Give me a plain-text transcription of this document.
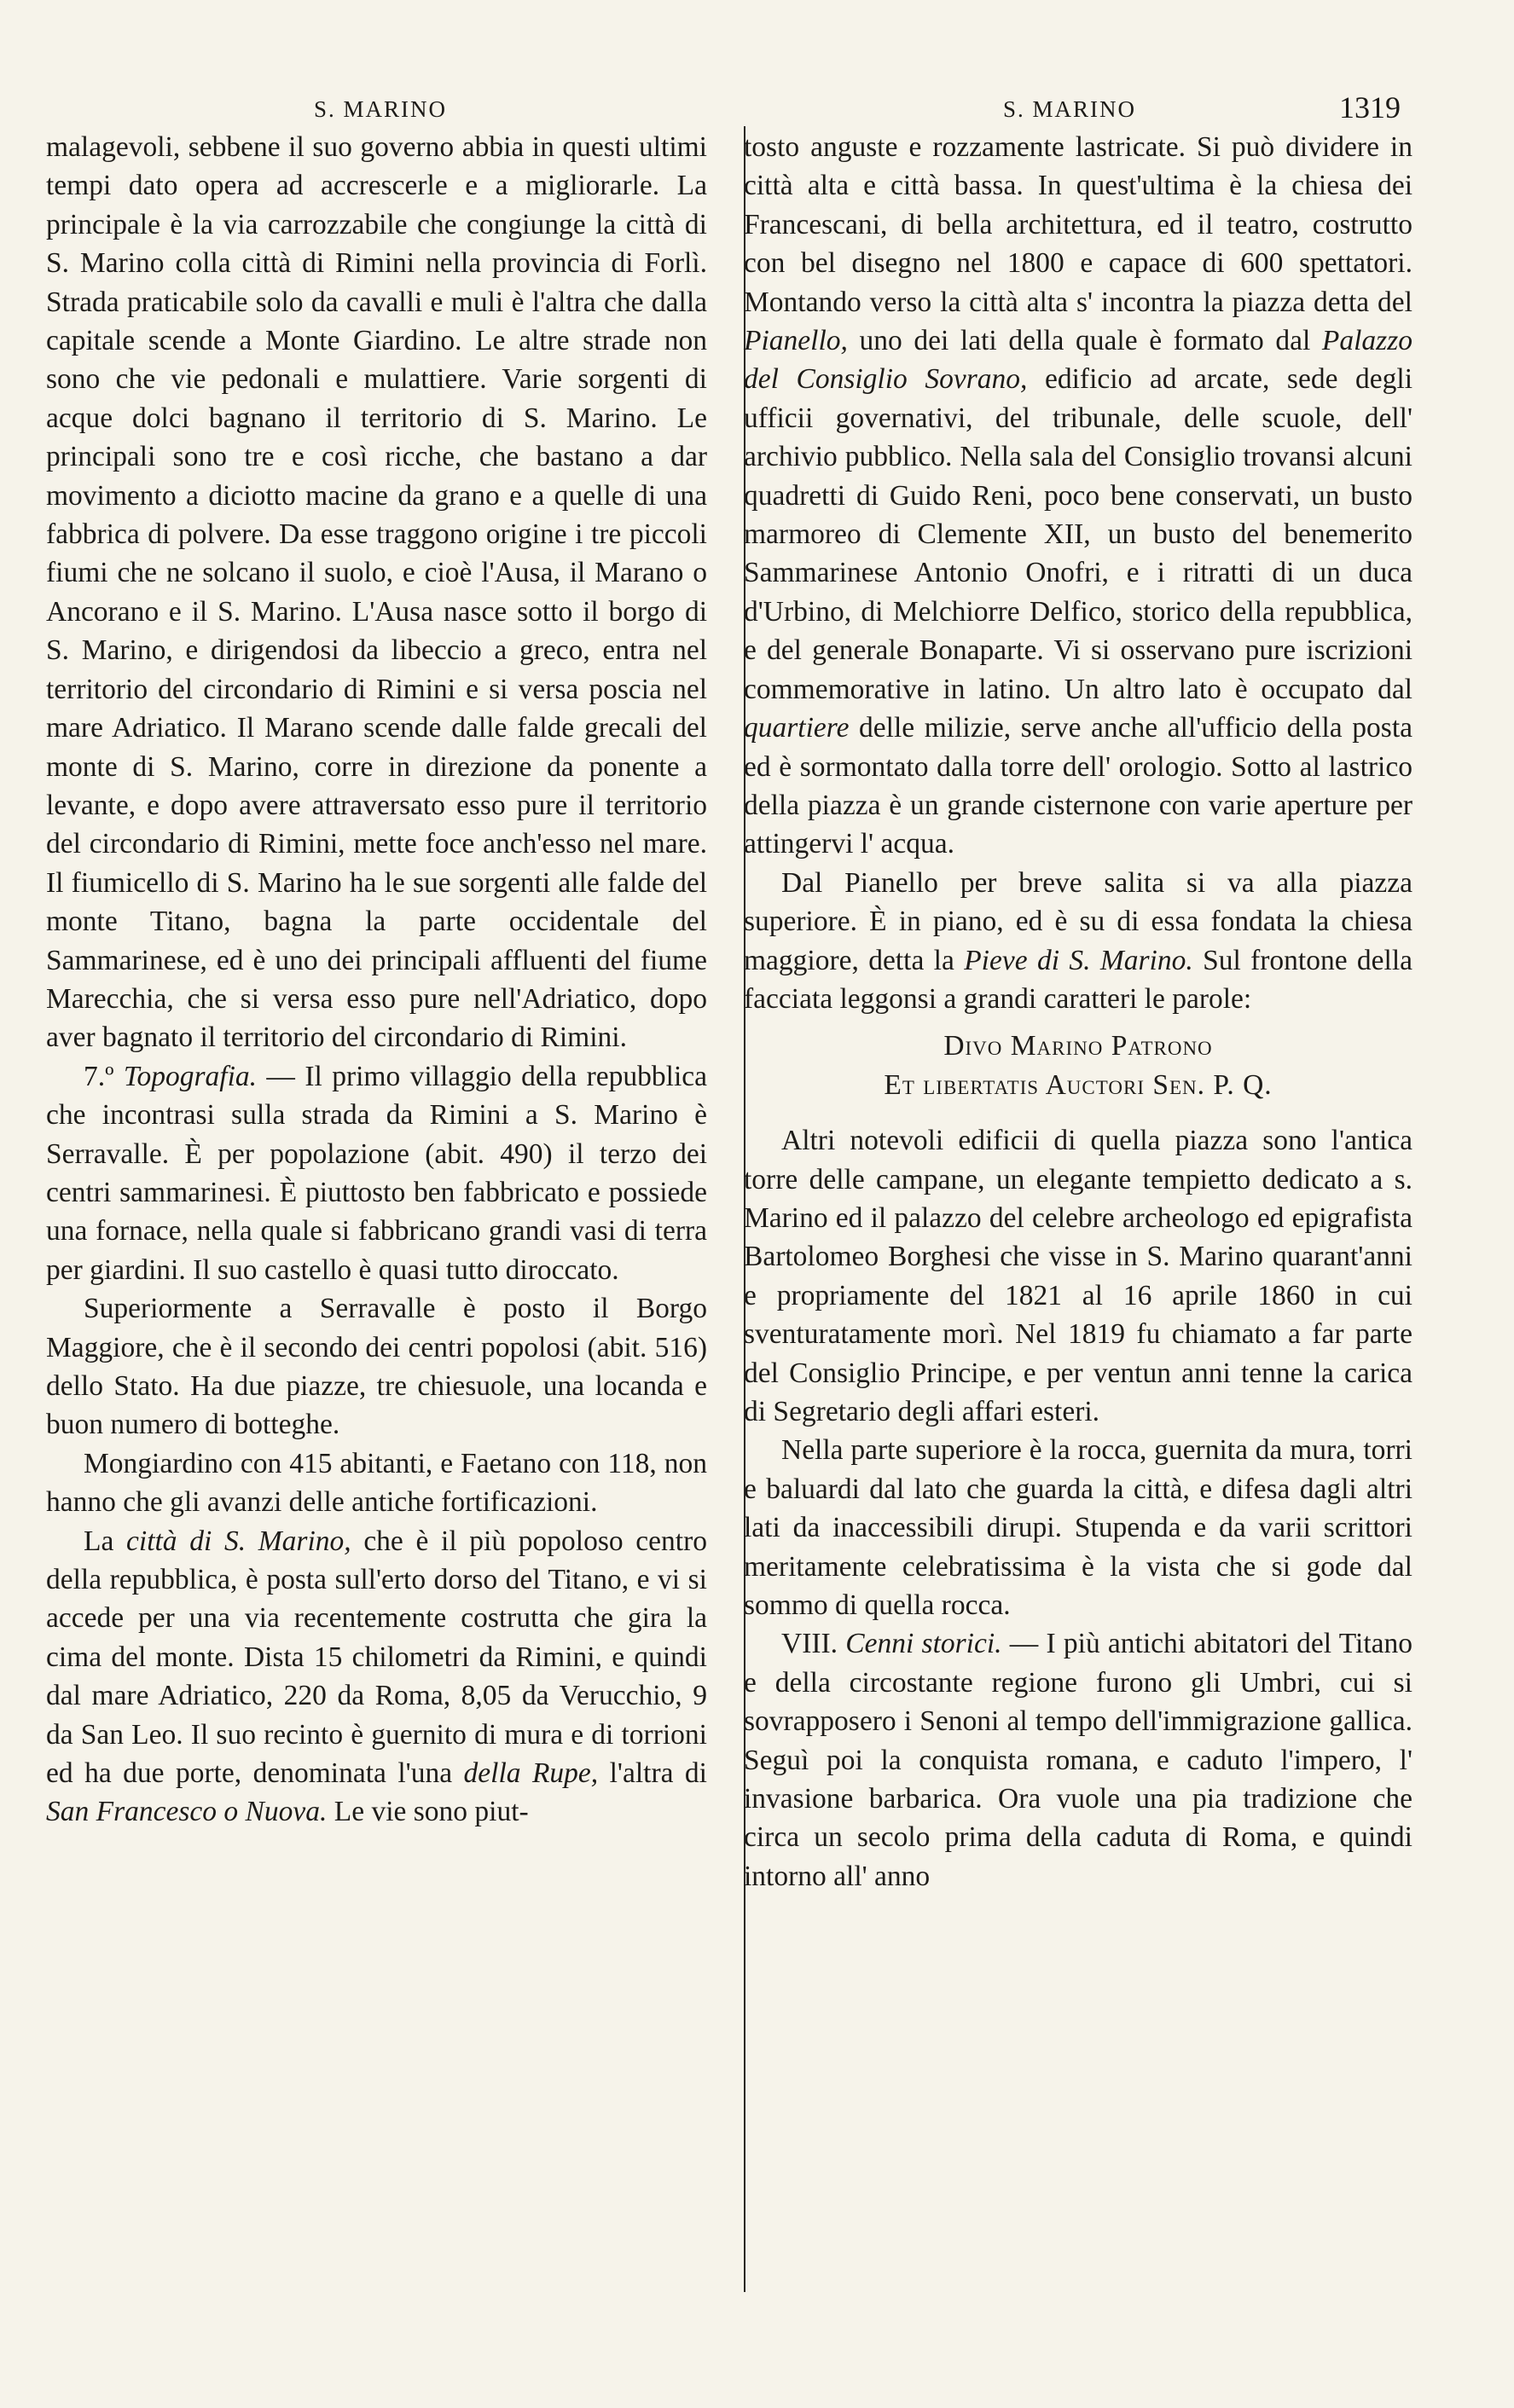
S. MARINO	S. MARINO	1319

malagevoli, sebbene il suo governo abbia in questi ultimi tempi dato opera ad accrescerle e a migliorarle. La principale è la via carrozzabile che congiunge la città di S. Marino colla città di Rimini nella provincia di Forlì. Strada praticabile solo da cavalli e muli è l'altra che dalla capitale scende a Monte Giardino. Le altre strade non sono che vie pedonali e mulattiere. Varie sorgenti di acque dolci bagnano il territorio di S. Marino. Le principali sono tre e così ricche, che bastano a dar movimento a diciotto macine da grano e a quelle di una fabbrica di polvere. Da esse traggono origine i tre piccoli fiumi che ne solcano il suolo, e cioè l'Ausa, il Marano o Ancorano e il S. Marino. L'Ausa nasce sotto il borgo di S. Marino, e dirigendosi da libeccio a greco, entra nel territorio del circondario di Rimini e si versa poscia nel mare Adriatico. Il Marano scende dalle falde grecali del monte di S. Marino, corre in direzione da ponente a levante, e dopo avere attraversato esso pure il territorio del circondario di Rimini, mette foce anch'esso nel mare. Il fiumicello di S. Marino ha le sue sorgenti alle falde del monte Titano, bagna la parte occidentale del Sammarinese, ed è uno dei principali affluenti del fiume Marecchia, che si versa esso pure nell'Adriatico, dopo aver bagnato il territorio del circondario di Rimini.

7.º Topografia. — Il primo villaggio della repubblica che incontrasi sulla strada da Rimini a S. Marino è Serravalle. È per popolazione (abit. 490) il terzo dei centri sammarinesi. È piuttosto ben fabbricato e possiede una fornace, nella quale si fabbricano grandi vasi di terra per giardini. Il suo castello è quasi tutto diroccato.

Superiormente a Serravalle è posto il Borgo Maggiore, che è il secondo dei centri popolosi (abit. 516) dello Stato. Ha due piazze, tre chiesuole, una locanda e buon numero di botteghe.

Mongiardino con 415 abitanti, e Faetano con 118, non hanno che gli avanzi delle antiche fortificazioni.

La città di S. Marino, che è il più popoloso centro della repubblica, è posta sull'erto dorso del Titano, e vi si accede per una via recentemente costrutta che gira la cima del monte. Dista 15 chilometri da Rimini, e quindi dal mare Adriatico, 220 da Roma, 8,05 da Verucchio, 9 da San Leo. Il suo recinto è guernito di mura e di torrioni ed ha due porte, denominata l'una della Rupe, l'altra di San Francesco o Nuova. Le vie sono piut-

tosto anguste e rozzamente lastricate. Si può dividere in città alta e città bassa. In quest'ultima è la chiesa dei Francescani, di bella architettura, ed il teatro, costrutto con bel disegno nel 1800 e capace di 600 spettatori. Montando verso la città alta s' incontra la piazza detta del Pianello, uno dei lati della quale è formato dal Palazzo del Consiglio Sovrano, edificio ad arcate, sede degli ufficii governativi, del tribunale, delle scuole, dell' archivio pubblico. Nella sala del Consiglio trovansi alcuni quadretti di Guido Reni, poco bene conservati, un busto marmoreo di Clemente XII, un busto del benemerito Sammarinese Antonio Onofri, e i ritratti di un duca d'Urbino, di Melchiorre Delfico, storico della repubblica, e del generale Bonaparte. Vi si osservano pure iscrizioni commemorative in latino. Un altro lato è occupato dal quartiere delle milizie, serve anche all'ufficio della posta ed è sormontato dalla torre dell' orologio. Sotto al lastrico della piazza è un grande cisternone con varie aperture per attingervi l' acqua.

Dal Pianello per breve salita si va alla piazza superiore. È in piano, ed è su di essa fondata la chiesa maggiore, detta la Pieve di S. Marino. Sul frontone della facciata leggonsi a grandi caratteri le parole:

Divo Marino Patrono
Et libertatis Auctori Sen. P. Q.

Altri notevoli edificii di quella piazza sono l'antica torre delle campane, un elegante tempietto dedicato a s. Marino ed il palazzo del celebre archeologo ed epigrafista Bartolomeo Borghesi che visse in S. Marino quarant'anni e propriamente del 1821 al 16 aprile 1860 in cui sventuratamente morì. Nel 1819 fu chiamato a far parte del Consiglio Principe, e per ventun anni tenne la carica di Segretario degli affari esteri.

Nella parte superiore è la rocca, guernita da mura, torri e baluardi dal lato che guarda la città, e difesa dagli altri lati da inaccessibili dirupi. Stupenda e da varii scrittori meritamente celebratissima è la vista che si gode dal sommo di quella rocca.

VIII. Cenni storici. — I più antichi abitatori del Titano e della circostante regione furono gli Umbri, cui si sovrapposero i Senoni al tempo dell'immigrazione gallica. Seguì poi la conquista romana, e caduto l'impero, l' invasione barbarica. Ora vuole una pia tradizione che circa un secolo prima della caduta di Roma, e quindi intorno all' anno
